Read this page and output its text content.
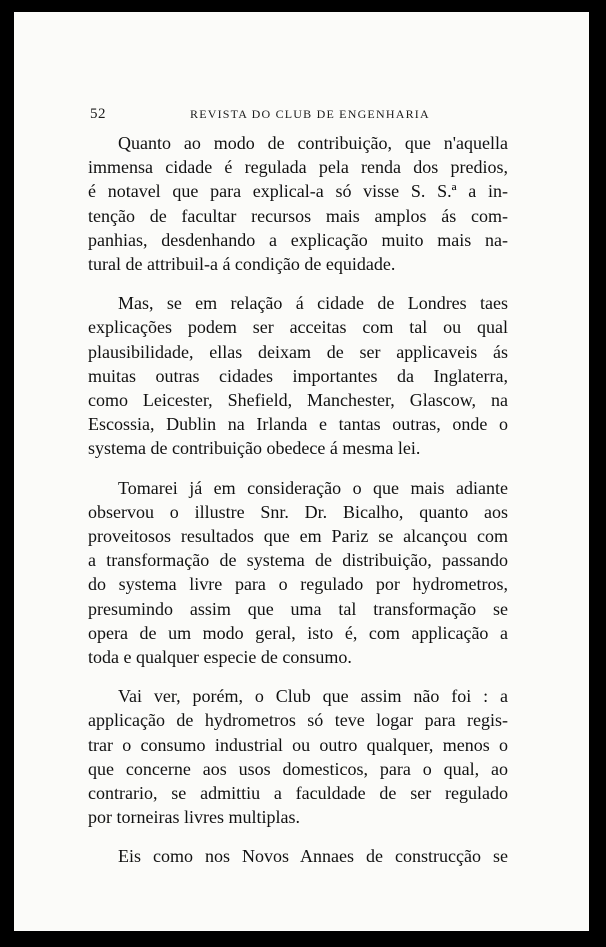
52	REVISTA DO CLUB DE ENGENHARIA

Quanto ao modo de contribuição, que n'aquella
immensa cidade é regulada pela renda dos predios,
é notavel que para explical-a só visse S. S.ª a in-
tenção de facultar recursos mais amplos ás com-
panhias, desdenhando a explicação muito mais na-
tural de attribuil-a á condição de equidade.

Mas, se em relação á cidade de Londres taes
explicações podem ser acceitas com tal ou qual
plausibilidade, ellas deixam de ser applicaveis ás
muitas outras cidades importantes da Inglaterra,
como Leicester, Shefield, Manchester, Glascow, na
Escossia, Dublin na Irlanda e tantas outras, onde o
systema de contribuição obedece á mesma lei.

Tomarei já em consideração o que mais adiante
observou o illustre Snr. Dr. Bicalho, quanto aos
proveitosos resultados que em Pariz se alcançou com
a transformação de systema de distribuição, passando
do systema livre para o regulado por hydrometros,
presumindo assim que uma tal transformação se
opera de um modo geral, isto é, com applicação a
toda e qualquer especie de consumo.

Vai ver, porém, o Club que assim não foi : a
applicação de hydrometros só teve logar para regis-
trar o consumo industrial ou outro qualquer, menos o
que concerne aos usos domesticos, para o qual, ao
contrario, se admittiu a faculdade de ser regulado
por torneiras livres multiplas.

Eis como nos Novos Annaes de construcção se
